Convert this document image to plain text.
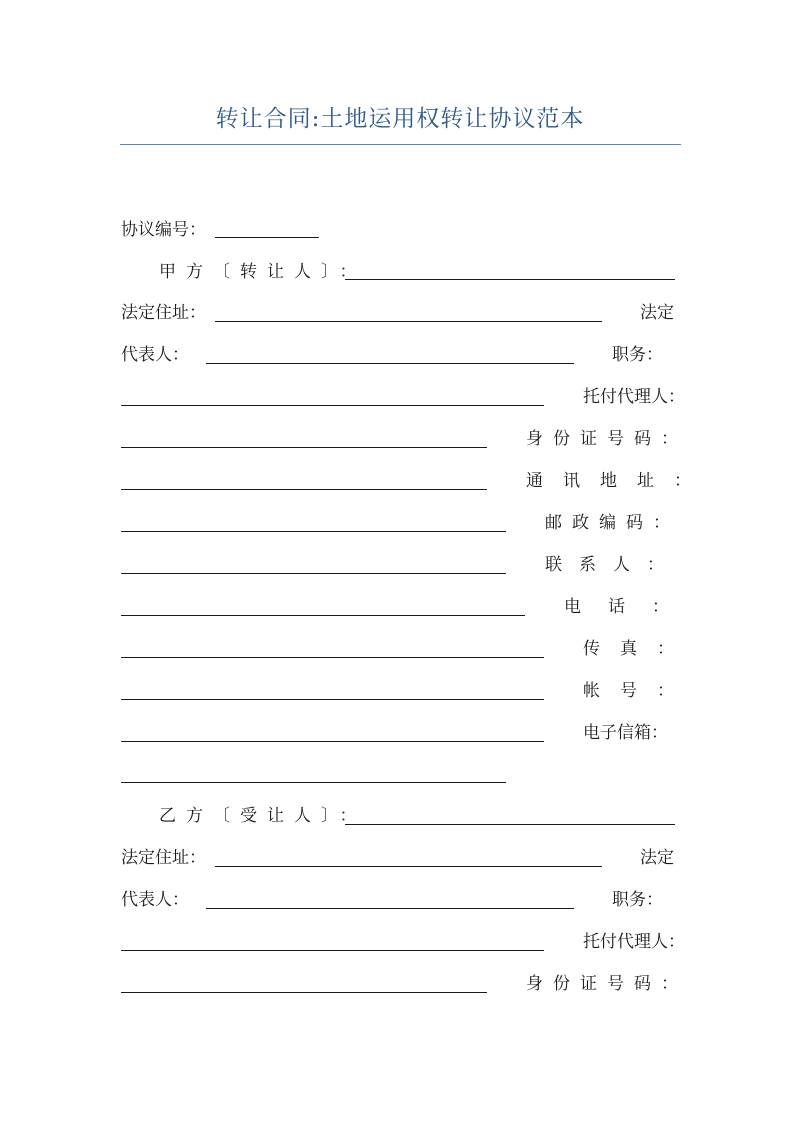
转让合同:土地运用权转让协议范本
协议编号：
甲方〔转让人〕：
法定住址：	法定
代表人：	职务：
托付代理人：
身份证号码：
通讯地址：
邮政编码：
联系人：
电话：
传真：
帐号：
电子信箱：
乙方〔受让人〕：
法定住址：	法定
代表人：	职务：
托付代理人：
身份证号码：
